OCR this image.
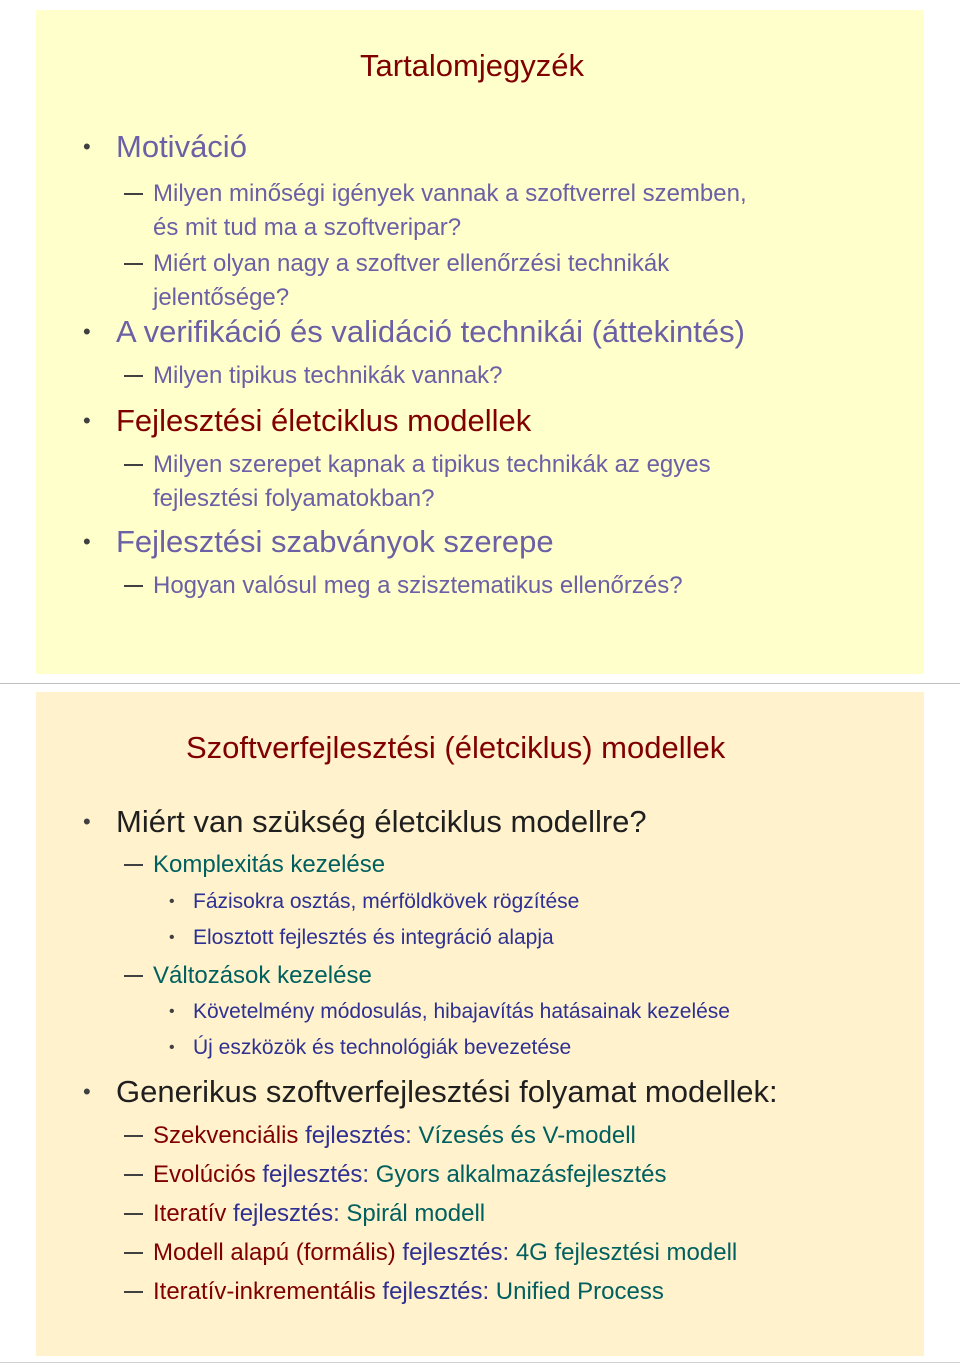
Tartalomjegyzék
• Motiváció
Milyen minőségi igények vannak a szoftverrel szemben,
és mit tud ma a szoftveripar?
Miért olyan nagy a szoftver ellenőrzési technikák
jelentősége?
• A verifikáció és validáció technikái (áttekintés)
Milyen tipikus technikák vannak?
• Fejlesztési életciklus modellek
Milyen szerepet kapnak a tipikus technikák az egyes
fejlesztési folyamatokban?
• Fejlesztési szabványok szerepe
Hogyan valósul meg a szisztematikus ellenőrzés?
Szoftverfejlesztési (életciklus) modellek
• Miért van szükség életciklus modellre?
Komplexitás kezelése
• Fázisokra osztás, mérföldkövek rögzítése
• Elosztott fejlesztés és integráció alapja
Változások kezelése
• Követelmény módosulás, hibajavítás hatásainak kezelése
• Új eszközök és technológiák bevezetése
• Generikus szoftverfejlesztési folyamat modellek:
Szekvenciális fejlesztés: Vízesés és V-modell
Evolúciós fejlesztés: Gyors alkalmazásfejlesztés
Iteratív fejlesztés: Spirál modell
Modell alapú (formális) fejlesztés: 4G fejlesztési modell
Iteratív-inkrementális fejlesztés: Unified Process
